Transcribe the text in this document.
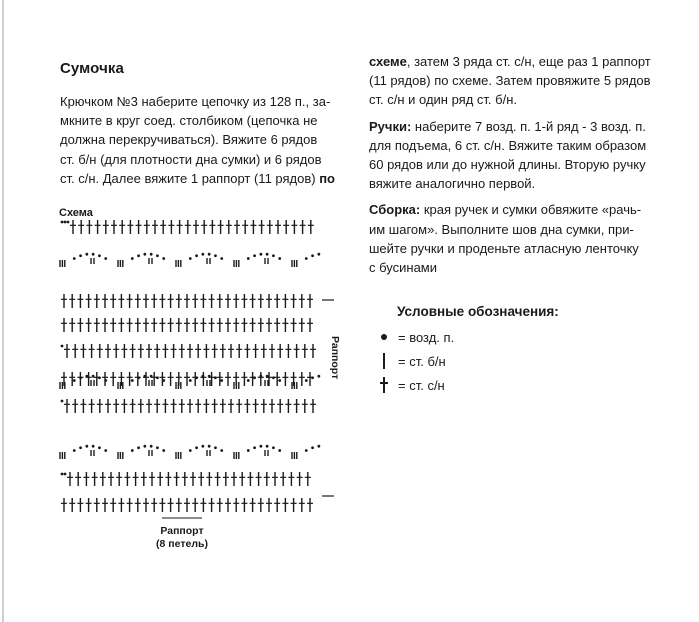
Сумочка

Крючком №3 наберите цепочку из 128 п., за-
мкните в круг соед. столбиком (цепочка не
должна перекручиваться). Вяжите 6 рядов
ст. б/н (для плотности дна сумки) и 6 рядов
ст. с/н. Далее вяжите 1 раппорт (11 рядов) по

схеме, затем 3 ряда ст. с/н, еще раз 1 раппорт
(11 рядов) по схеме. Затем провяжите 5 рядов
ст. с/н и один ряд ст. б/н.

Ручки: наберите 7 возд. п. 1-й ряд - 3 возд. п.
для подъема, 6 ст. с/н. Вяжите таким образом
60 рядов или до нужной длины. Вторую ручку
вяжите аналогично первой.

Сборка: края ручек и сумки обвяжите «рачь-
им шагом». Выполните шов дна сумки, при-
шейте ручки и проденьте атласную ленточку
с бусинами

Схема
Раппорт
Раппорт
(8 петель)
Условные обозначения:
= возд. п.
= ст. б/н
= ст. с/н
